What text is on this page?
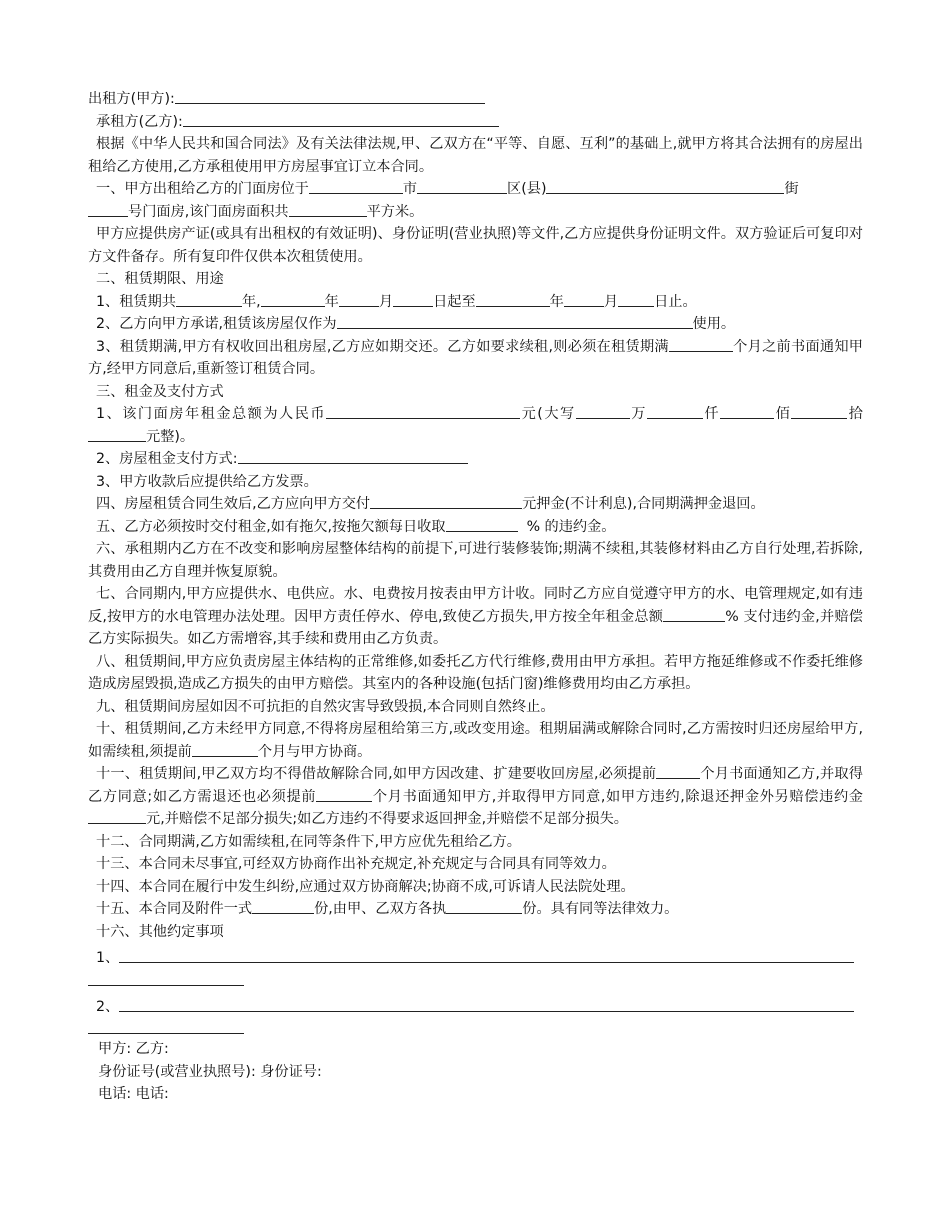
出租方(甲方):

承租方(乙方):

根据《中华人民共和国合同法》及有关法律法规,甲、乙双方在“平等、自愿、互利”的基础上,就甲方将其合法拥有的房屋出租给乙方使用,乙方承租使用甲方房屋事宜订立本合同。

一、甲方出租给乙方的门面房位于	市	区(县)	街

号门面房,该门面房面积共	平方米。

甲方应提供房产证(或具有出租权的有效证明)、身份证明(营业执照)等文件,乙方应提供身份证明文件。双方验证后可复印对方文件备存。所有复印件仅供本次租赁使用。

二、租赁期限、用途

1、租赁期共	年,	年	月	日起至	年	月	日止。

2、乙方向甲方承诺,租赁该房屋仅作为	使用。

3、租赁期满,甲方有权收回出租房屋,乙方应如期交还。乙方如要求续租,则必须在租赁期满	个月之前书面通知甲方,经甲方同意后,重新签订租赁合同。

三、租金及支付方式

1、该门面房年租金总额为人民币	元(大写	万	仟	佰	拾元整)。

2、房屋租金支付方式:

3、甲方收款后应提供给乙方发票。

四、房屋租赁合同生效后,乙方应向甲方交付	元押金(不计利息),合同期满押金退回。

五、乙方必须按时交付租金,如有拖欠,按拖欠额每日收取	% 的违约金。

六、承租期内乙方在不改变和影响房屋整体结构的前提下,可进行装修装饰;期满不续租,其装修材料由乙方自行处理,若拆除,其费用由乙方自理并恢复原貌。

七、合同期内,甲方应提供水、电供应。水、电费按月按表由甲方计收。同时乙方应自觉遵守甲方的水、电管理规定,如有违反,按甲方的水电管理办法处理。因甲方责任停水、停电,致使乙方损失,甲方按全年租金总额	% 支付违约金,并赔偿乙方实际损失。如乙方需增容,其手续和费用由乙方负责。

八、租赁期间,甲方应负责房屋主体结构的正常维修,如委托乙方代行维修,费用由甲方承担。若甲方拖延维修或不作委托维修造成房屋毁损,造成乙方损失的由甲方赔偿。其室内的各种设施(包括门窗)维修费用均由乙方承担。

九、租赁期间房屋如因不可抗拒的自然灾害导致毁损,本合同则自然终止。

十、租赁期间,乙方未经甲方同意,不得将房屋租给第三方,或改变用途。租期届满或解除合同时,乙方需按时归还房屋给甲方,如需续租,须提前	个月与甲方协商。

十一、租赁期间,甲乙双方均不得借故解除合同,如甲方因改建、扩建要收回房屋,必须提前	个月书面通知乙方,并取得乙方同意;如乙方需退还也必须提前	个月书面通知甲方,并取得甲方同意,如甲方违约,除退还押金外另赔偿违约金元,并赔偿不足部分损失;如乙方违约不得要求返回押金,并赔偿不足部分损失。

十二、合同期满,乙方如需续租,在同等条件下,甲方应优先租给乙方。

十三、本合同未尽事宜,可经双方协商作出补充规定,补充规定与合同具有同等效力。

十四、本合同在履行中发生纠纷,应通过双方协商解决;协商不成,可诉请人民法院处理。

十五、本合同及附件一式	份,由甲、乙双方各执	份。具有同等法律效力。

十六、其他约定事项

1、

2、

甲方: 乙方:

身份证号(或营业执照号): 身份证号:

电话: 电话:
